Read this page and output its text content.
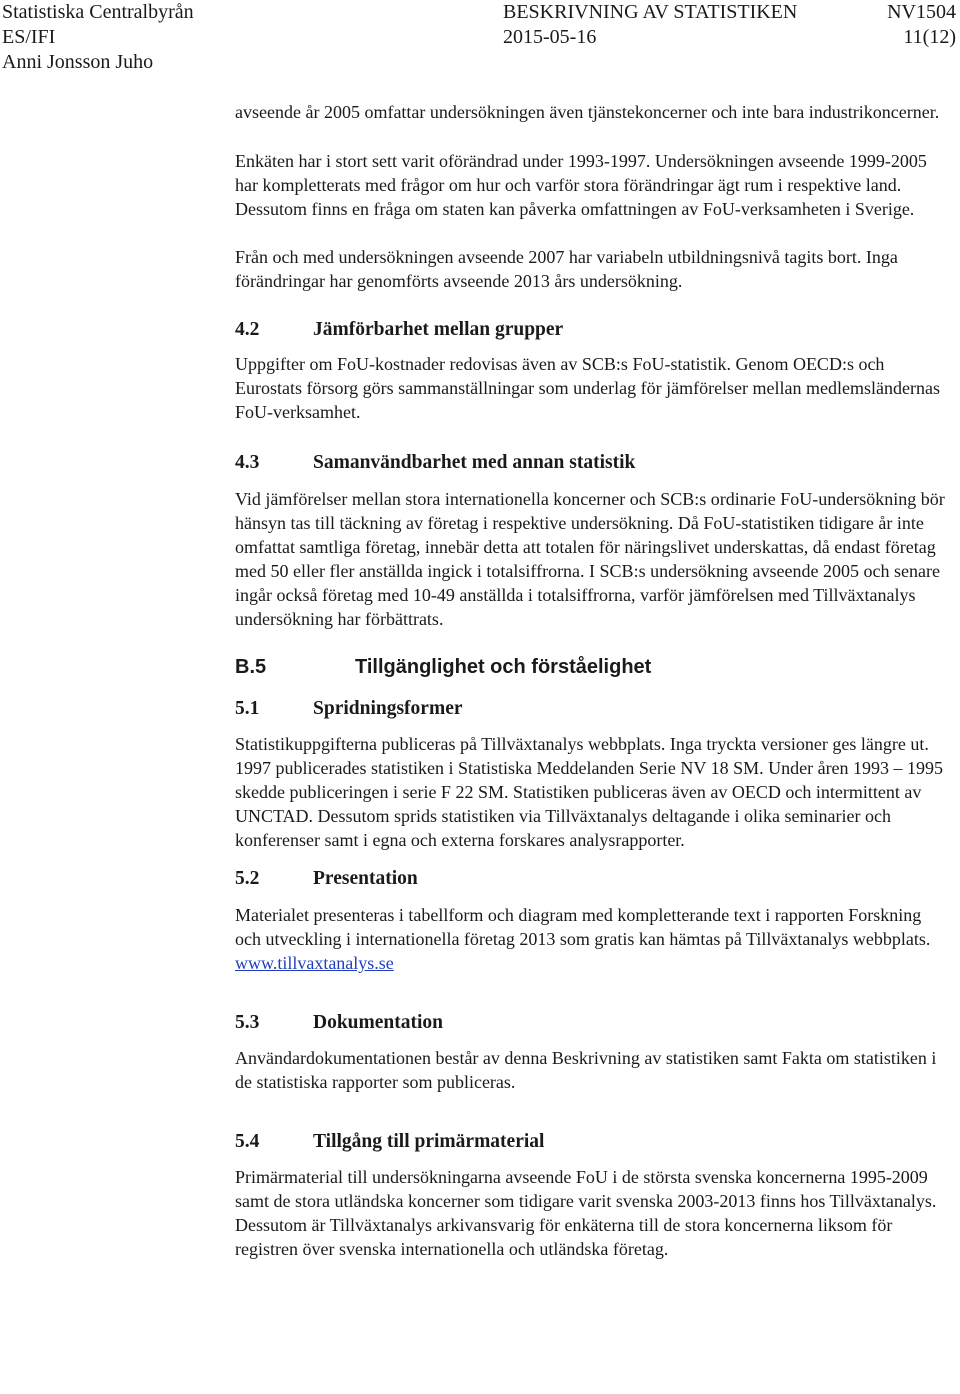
Statistiska Centralbyrån	BESKRIVNING AV STATISTIKEN	NV1504
ES/IFI	2015-05-16	11(12)
Anni Jonsson Juho

avseende år 2005 omfattar undersökningen även tjänstekoncerner och inte bara industrikoncerner.

Enkäten har i stort sett varit oförändrad under 1993-1997. Undersökningen avseende 1999-2005 har kompletterats med frågor om hur och varför stora förändringar ägt rum i respektive land. Dessutom finns en fråga om staten kan påverka omfattningen av FoU-verksamheten i Sverige.

Från och med undersökningen avseende 2007 har variabeln utbildningsnivå tagits bort. Inga förändringar har genomförts avseende 2013 års undersökning.

4.2	Jämförbarhet mellan grupper

Uppgifter om FoU-kostnader redovisas även av SCB:s FoU-statistik. Genom OECD:s och Eurostats försorg görs sammanställningar som underlag för jämförelser mellan medlemsländernas FoU-verksamhet.

4.3	Samanvändbarhet med annan statistik

Vid jämförelser mellan stora internationella koncerner och SCB:s ordinarie FoU-undersökning bör hänsyn tas till täckning av företag i respektive undersökning. Då FoU-statistiken tidigare år inte omfattat samtliga företag, innebär detta att totalen för näringslivet underskattas, då endast företag med 50 eller fler anställda ingick i totalsiffrorna. I SCB:s undersökning avseende 2005 och senare ingår också företag med 10-49 anställda i totalsiffrorna, varför jämförelsen med Tillväxtanalys undersökning har förbättrats.

B.5	Tillgänglighet och förståelighet
5.1	Spridningsformer

Statistikuppgifterna publiceras på Tillväxtanalys webbplats. Inga tryckta versioner ges längre ut. 1997 publicerades statistiken i Statistiska Meddelanden Serie NV 18 SM. Under åren 1993 – 1995 skedde publiceringen i serie F 22 SM. Statistiken publiceras även av OECD och intermittent av UNCTAD. Dessutom sprids statistiken via Tillväxtanalys deltagande i olika seminarier och konferenser samt i egna och externa forskares analysrapporter.

5.2	Presentation

Materialet presenteras i tabellform och diagram med kompletterande text i rapporten Forskning och utveckling i internationella företag 2013 som gratis kan hämtas på Tillväxtanalys webbplats. www.tillvaxtanalys.se

5.3	Dokumentation

Användardokumentationen består av denna Beskrivning av statistiken samt Fakta om statistiken i de statistiska rapporter som publiceras.

5.4	Tillgång till primärmaterial

Primärmaterial till undersökningarna avseende FoU i de största svenska koncernerna 1995-2009 samt de stora utländska koncerner som tidigare varit svenska 2003-2013 finns hos Tillväxtanalys. Dessutom är Tillväxtanalys arkivansvarig för enkäterna till de stora koncernerna liksom för registren över svenska internationella och utländska företag.
